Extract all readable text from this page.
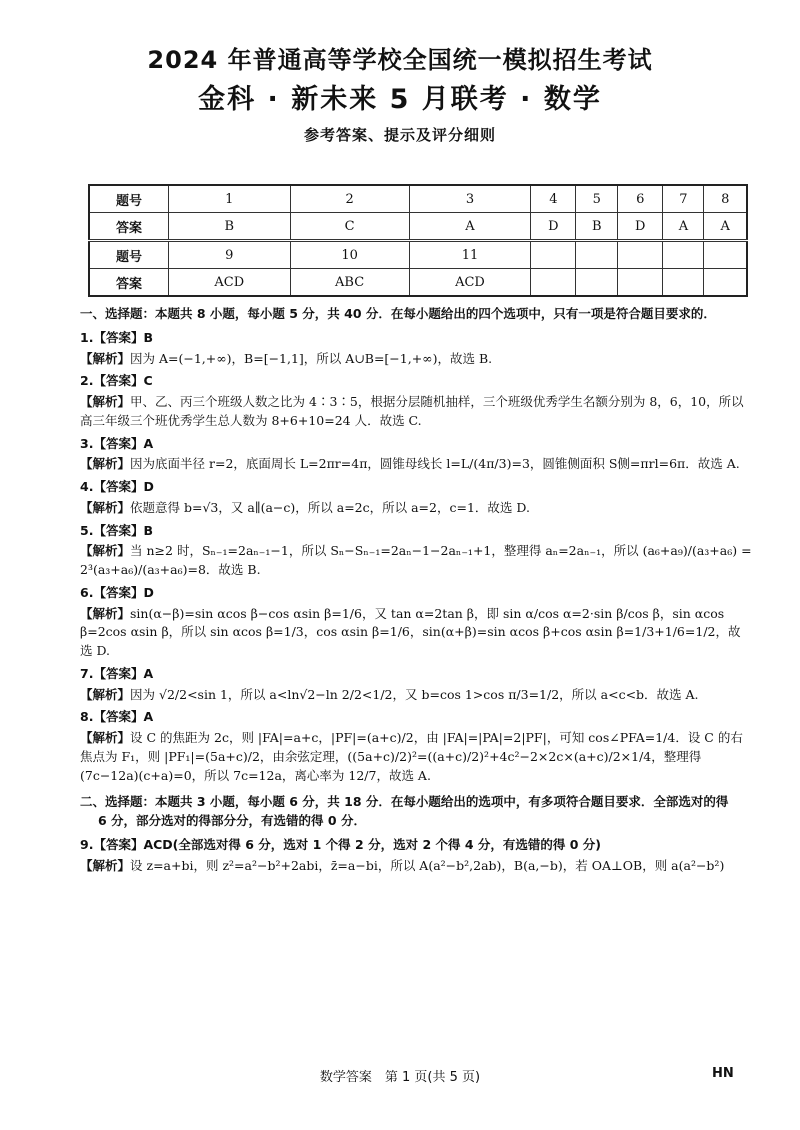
2024 年普通高等学校全国统一模拟招生考试
金科 · 新未来 5 月联考 · 数学
参考答案、提示及评分细则
题号	1	2	3	4	5	6	7	8
答案	B	C	A	D	B	D	A	A
题号	9	10	11					
答案	ACD	ABC	ACD					
一、选择题：本题共 8 小题，每小题 5 分，共 40 分．在每小题给出的四个选项中，只有一项是符合题目要求的．
1.【答案】B
【解析】因为 A=(−1,+∞)，B=[−1,1]，所以 A∪B=[−1,+∞)，故选 B.
2.【答案】C
【解析】甲、乙、丙三个班级人数之比为 4∶3∶5，根据分层随机抽样，三个班级优秀学生名额分别为 8，6，10，所以高三年级三个班优秀学生总人数为 8+6+10=24 人．故选 C.
3.【答案】A
【解析】因为底面半径 r=2，底面周长 L=2πr=4π，圆锥母线长 l=L/(4π/3)=3，圆锥侧面积 S侧=πrl=6π．故选 A.
4.【答案】D
【解析】依题意得 b=√3，又 a∥(a−c)，所以 a=2c，所以 a=2，c=1．故选 D.
5.【答案】B
【解析】当 n≥2 时，Sₙ₋₁=2aₙ₋₁−1，所以 Sₙ−Sₙ₋₁=2aₙ−1−2aₙ₋₁+1，整理得 aₙ=2aₙ₋₁，所以 (a₆+a₉)/(a₃+a₆) = 2³(a₃+a₆)/(a₃+a₆)=8．故选 B.
6.【答案】D
【解析】sin(α−β)=sin αcos β−cos αsin β=1/6，又 tan α=2tan β，即 sin α/cos α=2·sin β/cos β，sin αcos β=2cos αsin β，所以 sin αcos β=1/3，cos αsin β=1/6，sin(α+β)=sin αcos β+cos αsin β=1/3+1/6=1/2，故选 D.
7.【答案】A
【解析】因为 √2/2<sin 1，所以 a<ln√2−ln 2/2<1/2，又 b=cos 1>cos π/3=1/2，所以 a<c<b．故选 A.
8.【答案】A
【解析】设 C 的焦距为 2c，则 |FA|=a+c，|PF|=(a+c)/2，由 |FA|=|PA|=2|PF|，可知 cos∠PFA=1/4．设 C 的右焦点为 F₁，则 |PF₁|=(5a+c)/2，由余弦定理，((5a+c)/2)²=((a+c)/2)²+4c²−2×2c×(a+c)/2×1/4，整理得 (7c−12a)(c+a)=0，所以 7c=12a，离心率为 12/7，故选 A.
二、选择题：本题共 3 小题，每小题 6 分，共 18 分．在每小题给出的选项中，有多项符合题目要求．全部选对的得
6 分，部分选对的得部分分，有选错的得 0 分．
9.【答案】ACD(全部选对得 6 分，选对 1 个得 2 分，选对 2 个得 4 分，有选错的得 0 分)
【解析】设 z=a+bi，则 z²=a²−b²+2abi，z̄=a−bi，所以 A(a²−b²,2ab)，B(a,−b)，若 OA⊥OB，则 a(a²−b²)
数学答案　第 1 页(共 5 页)	HN
